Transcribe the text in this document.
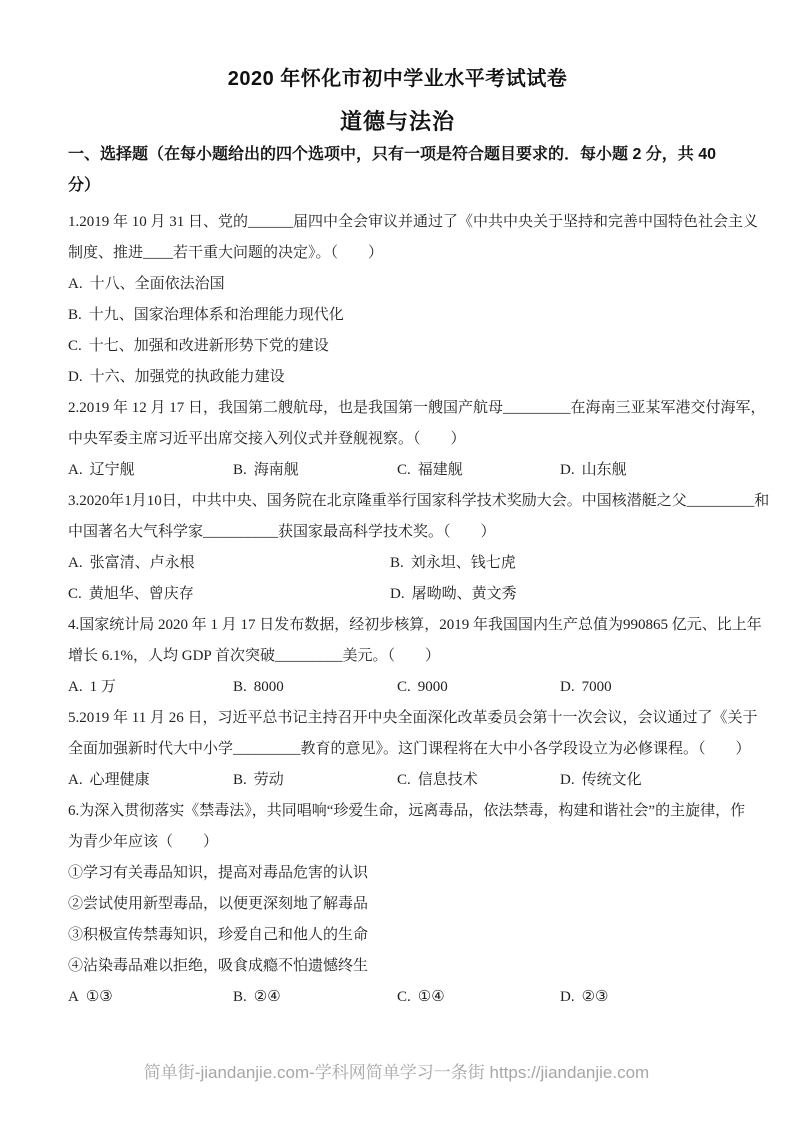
2020 年怀化市初中学业水平考试试卷
道德与法治
一、选择题（在每小题给出的四个选项中，只有一项是符合题目要求的．每小题 2 分，共 40
分）
1.2019 年 10 月 31 日、党的______届四中全会审议并通过了《中共中央关于坚持和完善中国特色社会主义
制度、推进____若干重大问题的决定》。（　　）
A. 十八、全面依法治国
B. 十九、国家治理体系和治理能力现代化
C. 十七、加强和改进新形势下党的建设
D. 十六、加强党的执政能力建设
2.2019 年 12 月 17 日，我国第二艘航母，也是我国第一艘国产航母_________在海南三亚某军港交付海军，
中央军委主席习近平出席交接入列仪式并登舰视察。（　　）
A. 辽宁舰	B. 海南舰	C. 福建舰	D. 山东舰
3.2020年1月10日，中共中央、国务院在北京隆重举行国家科学技术奖励大会。中国核潜艇之父_________和
中国著名大气科学家__________获国家最高科学技术奖。（　　）
A. 张富清、卢永根	B. 刘永坦、钱七虎
C. 黄旭华、曾庆存	D. 屠呦呦、黄文秀
4.国家统计局 2020 年 1 月 17 日发布数据，经初步核算，2019 年我国国内生产总值为990865 亿元、比上年
增长 6.1%，人均 GDP 首次突破_________美元。（　　）
A. 1 万	B. 8000	C. 9000	D. 7000
5.2019 年 11 月 26 日，习近平总书记主持召开中央全面深化改革委员会第十一次会议，会议通过了《关于
全面加强新时代大中小学_________教育的意见》。这门课程将在大中小各学段设立为必修课程。（　　）
A. 心理健康	B. 劳动	C. 信息技术	D. 传统文化
6.为深入贯彻落实《禁毒法》，共同唱响“珍爱生命，远离毒品，依法禁毒，构建和谐社会”的主旋律，作
为青少年应该（　　）
①学习有关毒品知识，提高对毒品危害的认识
②尝试使用新型毒品，以便更深刻地了解毒品
③积极宣传禁毒知识，珍爱自己和他人的生命
④沾染毒品难以拒绝，吸食成瘾不怕遗憾终生
A ①③	B. ②④	C. ①④	D. ②③
简单街-jiandanjie.com-学科网简单学习一条街 https://jiandanjie.com
